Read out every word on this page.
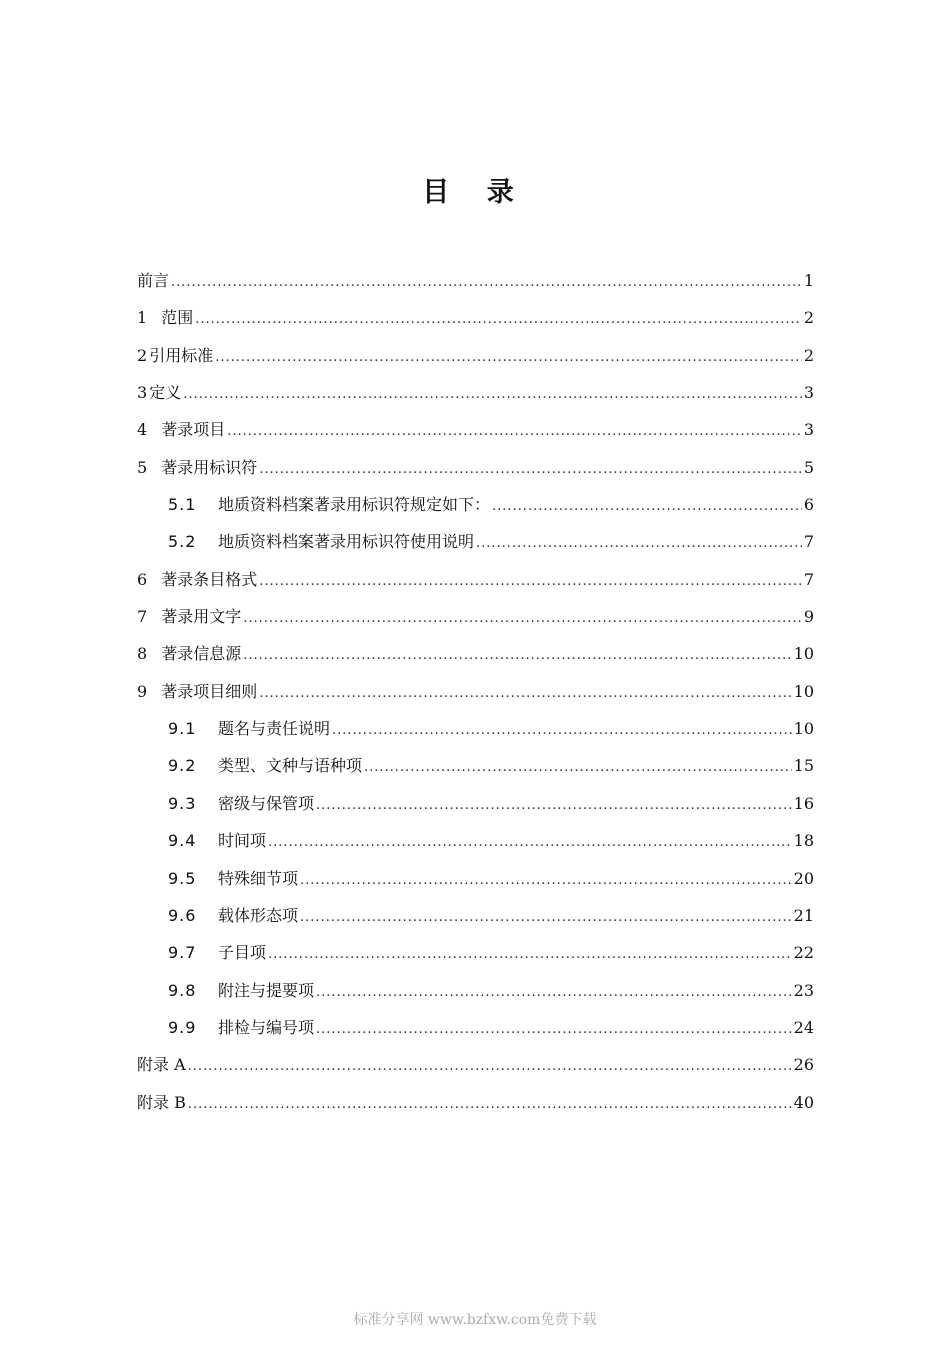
目 录
前言 .....	1
1 范围 .....	2
2 引用标准 .....	2
3 定义 .....	3
4 著录项目 .....	3
5 著录用标识符 .....	5
5.1	地质资料档案著录用标识符规定如下： .....	6
5.2	地质资料档案著录用标识符使用说明 .....	7
6 著录条目格式 .....	7
7 著录用文字 .....	9
8 著录信息源 .....	10
9 著录项目细则 .....	10
9.1	题名与责任说明 .....	10
9.2	类型、文种与语种项 .....	15
9.3	密级与保管项 .....	16
9.4	时间项 .....	18
9.5	特殊细节项 .....	20
9.6	载体形态项 .....	21
9.7	子目项 .....	22
9.8	附注与提要项 .....	23
9.9	排检与编号项 .....	24
附录 A .....	26
附录 B .....	40
标准分享网 www.bzfxw.com免费下载
